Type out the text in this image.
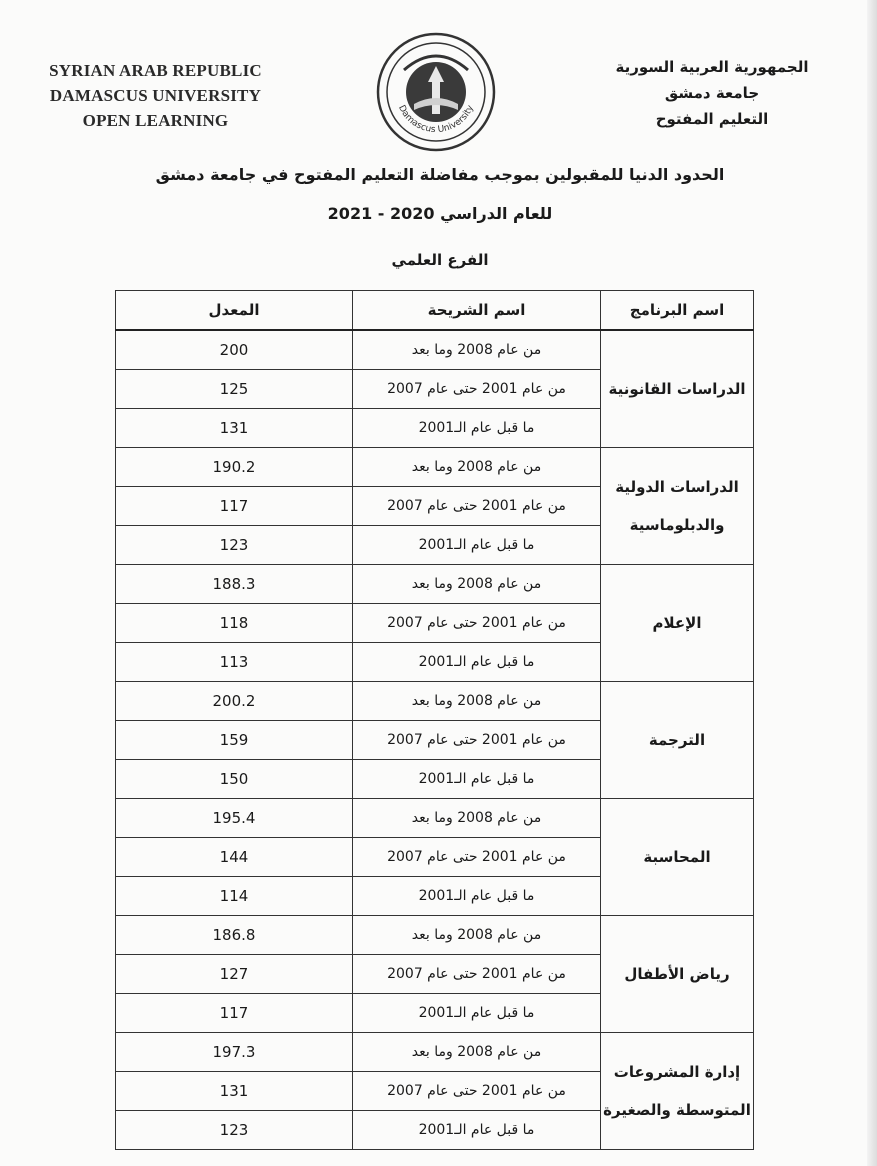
SYRIAN ARAB REPUBLIC
DAMASCUS UNIVERSITY
OPEN LEARNING
Damascus University
الجمهورية العربية السورية
جامعة دمشق
التعليم المفتوح
الحدود الدنيا للمقبولين بموجب مفاضلة التعليم المفتوح في جامعة دمشق
للعام الدراسي 2020 - 2021
الفرع العلمي
اسم البرنامج	اسم الشريحة	المعدل
الدراسات القانونية	من عام 2008 وما بعد	200
	من عام 2001 حتى عام 2007	125
	ما قبل عام الـ2001	131
الدراسات الدولية والدبلوماسية	من عام 2008 وما بعد	190.2
	من عام 2001 حتى عام 2007	117
	ما قبل عام الـ2001	123
الإعلام	من عام 2008 وما بعد	188.3
	من عام 2001 حتى عام 2007	118
	ما قبل عام الـ2001	113
الترجمة	من عام 2008 وما بعد	200.2
	من عام 2001 حتى عام 2007	159
	ما قبل عام الـ2001	150
المحاسبة	من عام 2008 وما بعد	195.4
	من عام 2001 حتى عام 2007	144
	ما قبل عام الـ2001	114
رياض الأطفال	من عام 2008 وما بعد	186.8
	من عام 2001 حتى عام 2007	127
	ما قبل عام الـ2001	117
إدارة المشروعات المتوسطة والصغيرة	من عام 2008 وما بعد	197.3
	من عام 2001 حتى عام 2007	131
	ما قبل عام الـ2001	123
